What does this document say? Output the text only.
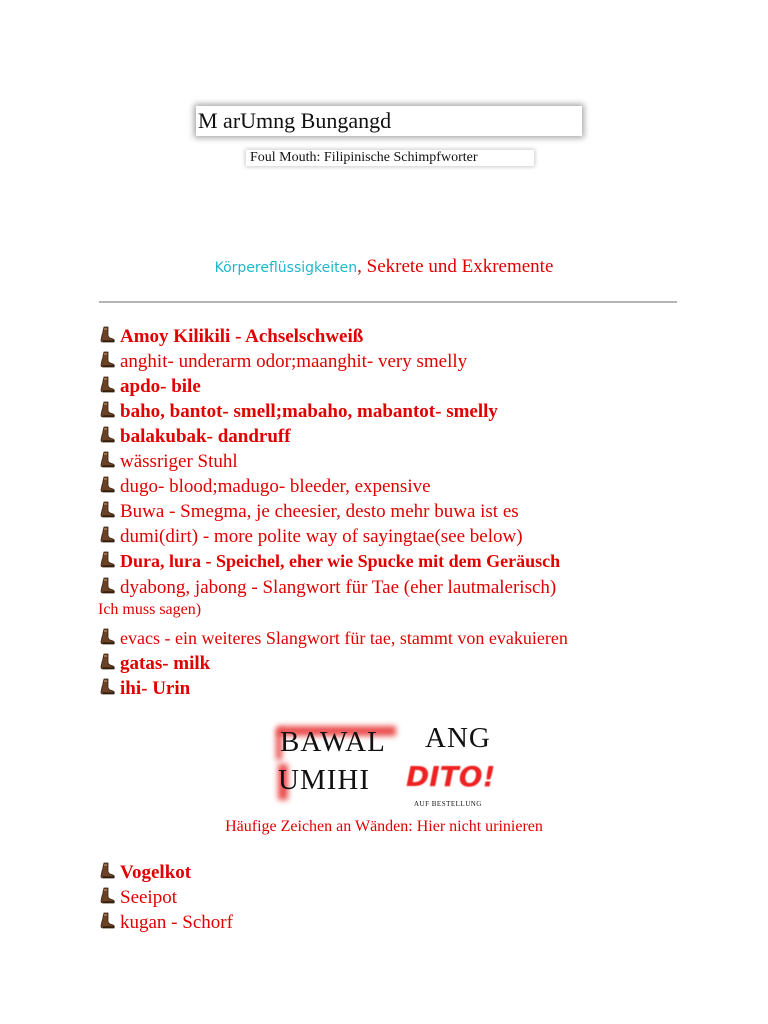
M arUmng Bungangd
Foul Mouth: Filipinische Schimpfworter
Körpereflüssigkeiten, Sekrete und Exkremente
Amoy Kilikili - Achselschweiß
anghit- underarm odor;maanghit- very smelly
apdo- bile
baho, bantot- smell;mabaho, mabantot- smelly
balakubak- dandruff
wässriger Stuhl
dugo- blood;madugo- bleeder, expensive
Buwa - Smegma, je cheesier, desto mehr buwa ist es
dumi(dirt) - more polite way of sayingtae(see below)
Dura, lura - Speichel, eher wie Spucke mit dem Geräusch
dyabong, jabong - Slangwort für Tae (eher lautmalerisch)
Ich muss sagen)
evacs - ein weiteres Slangwort für tae, stammt von evakuieren
gatas- milk
ihi- Urin
BAWAL ANG
UMIHI DITO!
AUF BESTELLUNG
Häufige Zeichen an Wänden: Hier nicht urinieren
Vogelkot
Seeipot
kugan - Schorf
